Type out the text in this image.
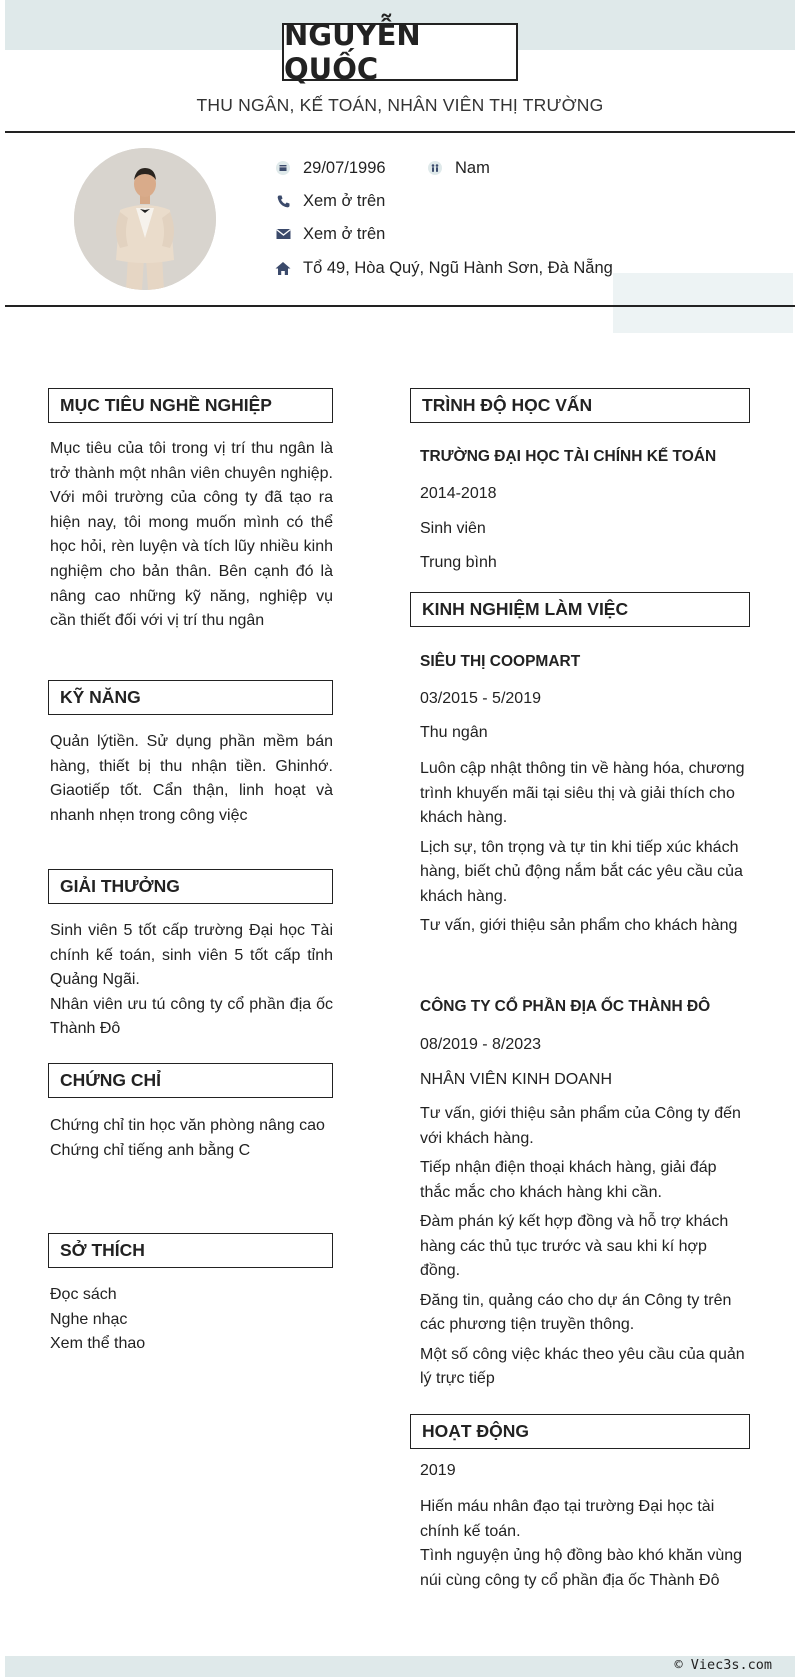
NGUYỄN QUỐC
THU NGÂN, KẾ TOÁN, NHÂN VIÊN THỊ TRƯỜNG
29/07/1996	Nam
Xem ở trên
Xem ở trên
Tổ 49, Hòa Quý, Ngũ Hành Sơn, Đà Nẵng
MỤC TIÊU NGHỀ NGHIỆP
Mục tiêu của tôi trong vị trí thu ngân là trở thành một nhân viên chuyên nghiệp. Với môi trường của công ty đã tạo ra hiện nay, tôi mong muốn mình có thể học hỏi, rèn luyện và tích lũy nhiều kinh nghiệm cho bản thân. Bên cạnh đó là nâng cao những kỹ năng, nghiệp vụ cần thiết đối với vị trí thu ngân
KỸ NĂNG
Quản lýtiền. Sử dụng phần mềm bán hàng, thiết bị thu nhận tiền. Ghinhớ. Giaotiếp tốt. Cẩn thận, linh hoạt và nhanh nhẹn trong công việc
GIẢI THƯỞNG
Sinh viên 5 tốt cấp trường Đại học Tài chính kế toán, sinh viên 5 tốt cấp tỉnh Quảng Ngãi.
Nhân viên ưu tú công ty cổ phần địa ốc Thành Đô
CHỨNG CHỈ
Chứng chỉ tin học văn phòng nâng cao
Chứng chỉ tiếng anh bằng C
SỞ THÍCH
Đọc sách
Nghe nhạc
Xem thể thao
TRÌNH ĐỘ HỌC VẤN
TRƯỜNG ĐẠI HỌC TÀI CHÍNH KẾ TOÁN
2014-2018
Sinh viên
Trung bình
KINH NGHIỆM LÀM VIỆC
SIÊU THỊ COOPMART
03/2015 - 5/2019
Thu ngân
Luôn cập nhật thông tin về hàng hóa, chương trình khuyến mãi tại siêu thị và giải thích cho khách hàng.
Lịch sự, tôn trọng và tự tin khi tiếp xúc khách hàng, biết chủ động nắm bắt các yêu cầu của khách hàng.
Tư vấn, giới thiệu sản phẩm cho khách hàng
CÔNG TY CỔ PHẦN ĐỊA ỐC THÀNH ĐÔ
08/2019 - 8/2023
NHÂN VIÊN KINH DOANH
Tư vấn, giới thiệu sản phẩm của Công ty đến với khách hàng.
Tiếp nhận điện thoại khách hàng, giải đáp thắc mắc cho khách hàng khi cần.
Đàm phán ký kết hợp đồng và hỗ trợ khách hàng các thủ tục trước và sau khi kí hợp đồng.
Đăng tin, quảng cáo cho dự án Công ty trên các phương tiện truyền thông.
Một số công việc khác theo yêu cầu của quản lý trực tiếp
HOẠT ĐỘNG
2019
Hiến máu nhân đạo tại trường Đại học tài chính kế toán.
Tình nguyện ủng hộ đồng bào khó khăn vùng núi cùng công ty cổ phần địa ốc Thành Đô
© Viec3s.com
